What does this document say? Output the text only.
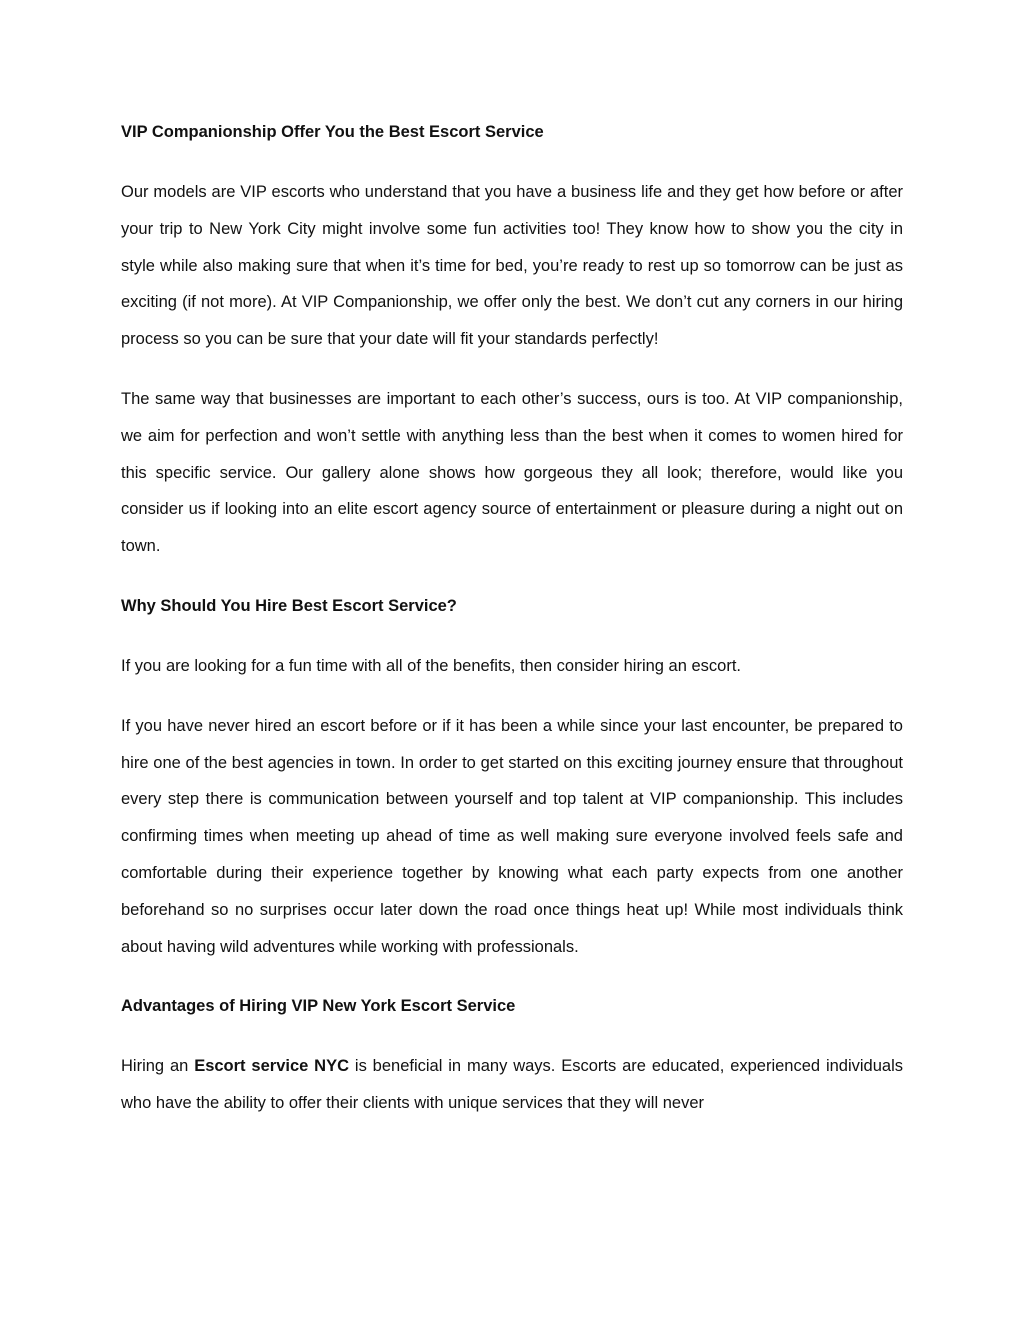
VIP Companionship Offer You the Best Escort Service

Our models are VIP escorts who understand that you have a business life and they get how before or after your trip to New York City might involve some fun activities too! They know how to show you the city in style while also making sure that when it’s time for bed, you’re ready to rest up so tomorrow can be just as exciting (if not more). At VIP Companionship, we offer only the best. We don’t cut any corners in our hiring process so you can be sure that your date will fit your standards perfectly!

The same way that businesses are important to each other’s success, ours is too. At VIP companionship, we aim for perfection and won’t settle with anything less than the best when it comes to women hired for this specific service. Our gallery alone shows how gorgeous they all look; therefore, would like you consider us if looking into an elite escort agency source of entertainment or pleasure during a night out on town.

Why Should You Hire Best Escort Service?

If you are looking for a fun time with all of the benefits, then consider hiring an escort.

If you have never hired an escort before or if it has been a while since your last encounter, be prepared to hire one of the best agencies in town. In order to get started on this exciting journey ensure that throughout every step there is communication between yourself and top talent at VIP companionship. This includes confirming times when meeting up ahead of time as well making sure everyone involved feels safe and comfortable during their experience together by knowing what each party expects from one another beforehand so no surprises occur later down the road once things heat up! While most individuals think about having wild adventures while working with professionals.

Advantages of Hiring VIP New York Escort Service

Hiring an Escort service NYC is beneficial in many ways. Escorts are educated, experienced individuals who have the ability to offer their clients with unique services that they will never
